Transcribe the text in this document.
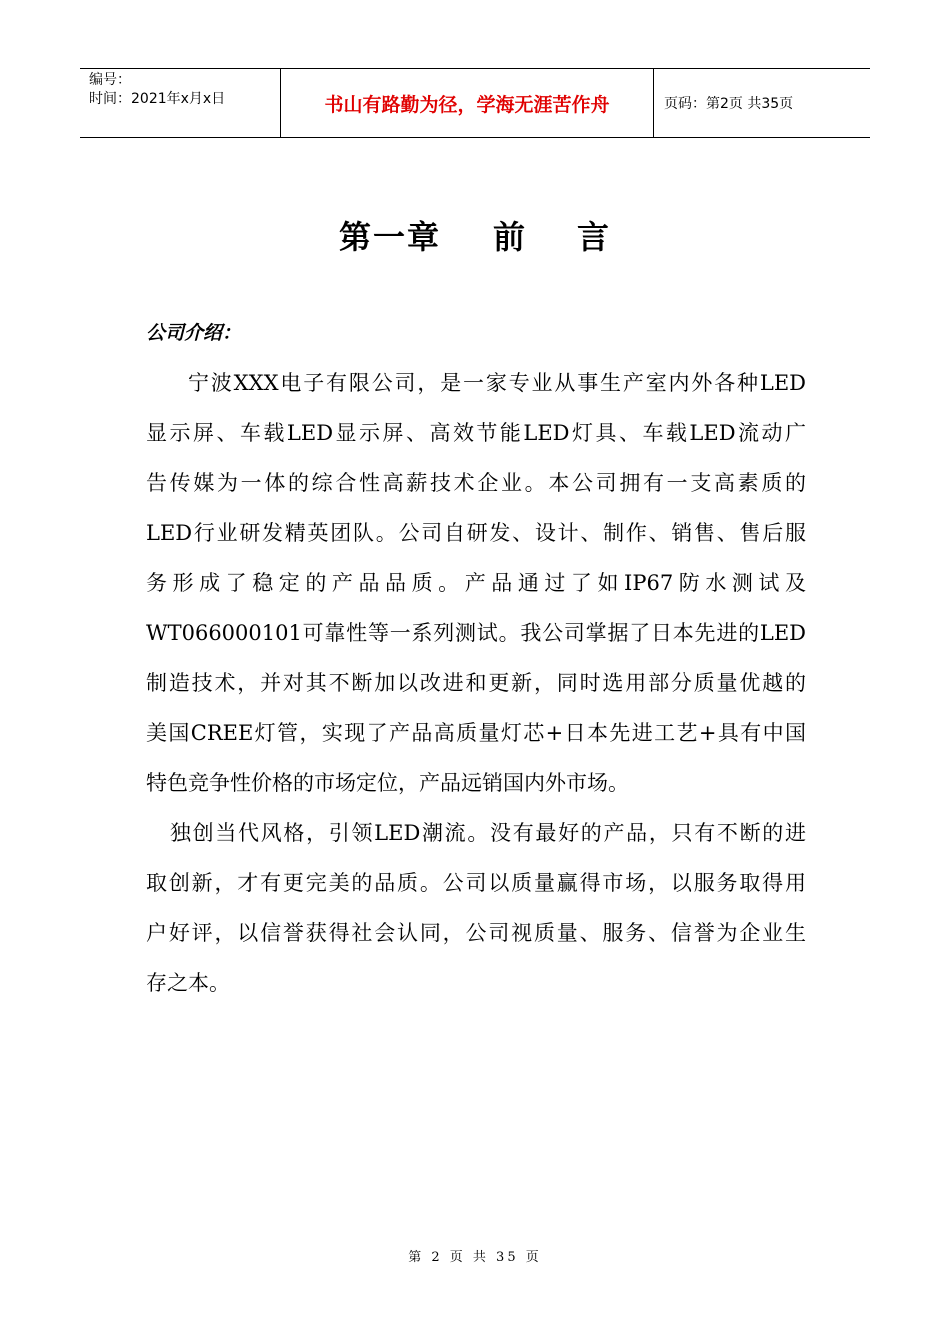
编号：
时间：2021年x月x日	书山有路勤为径，学海无涯苦作舟	页码：第2页 共35页
第一章 前 言
公司介绍：
宁波XXX电子有限公司，是一家专业从事生产室内外各种LED
显示屏、车载LED显示屏、高效节能LED灯具、车载LED流动广
告传媒为一体的综合性高薪技术企业。本公司拥有一支高素质的
LED行业研发精英团队。公司自研发、设计、制作、销售、售后服
务形成了稳定的产品品质。产品通过了如IP67防水测试及
WT066000101可靠性等一系列测试。我公司掌据了日本先进的LED
制造技术，并对其不断加以改进和更新，同时选用部分质量优越的
美国CREE灯管，实现了产品高质量灯芯+日本先进工艺+具有中国
特色竞争性价格的市场定位，产品远销国内外市场。
独创当代风格，引领LED潮流。没有最好的产品，只有不断的进
取创新，才有更完美的品质。公司以质量赢得市场，以服务取得用
户好评，以信誉获得社会认同，公司视质量、服务、信誉为企业生
存之本。
第 2 页 共 35 页
